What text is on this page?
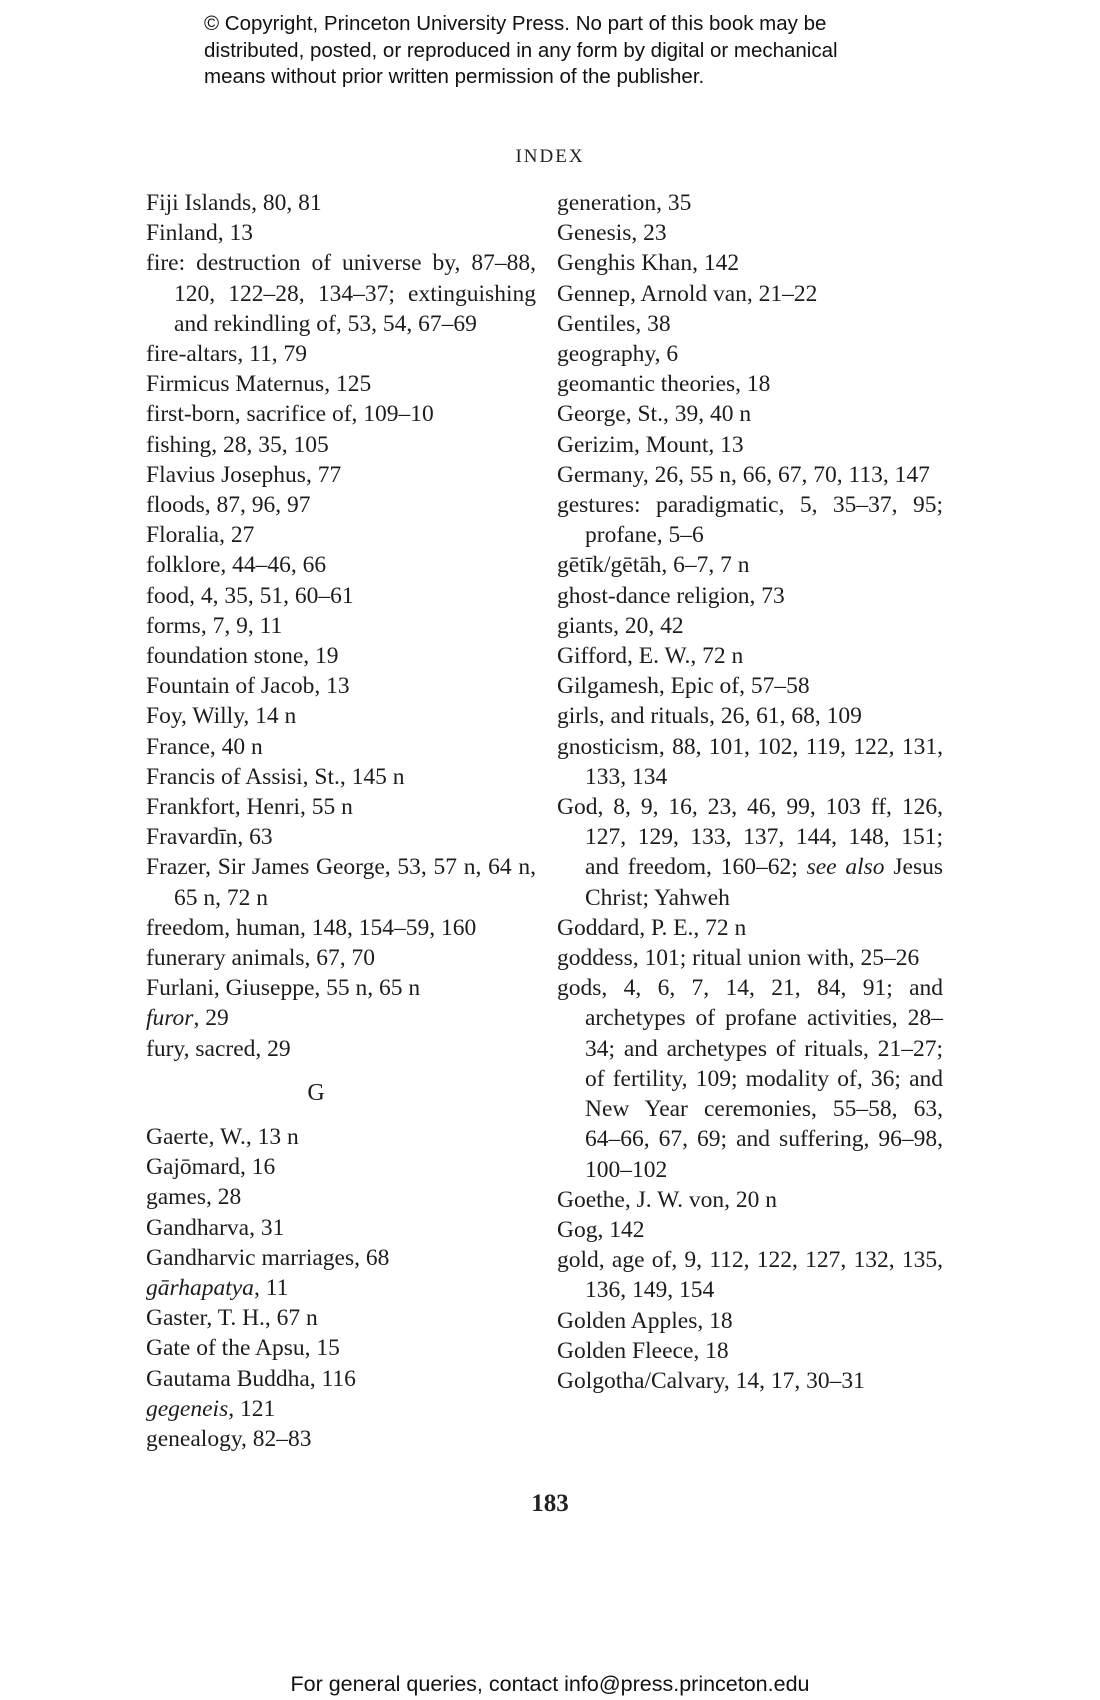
© Copyright, Princeton University Press. No part of this book may be
distributed, posted, or reproduced in any form by digital or mechanical
means without prior written permission of the publisher.
INDEX
Fiji Islands, 80, 81
Finland, 13
fire: destruction of universe by, 87–88, 120, 122–28, 134–37; extinguishing and rekindling of, 53, 54, 67–69
fire-altars, 11, 79
Firmicus Maternus, 125
first-born, sacrifice of, 109–10
fishing, 28, 35, 105
Flavius Josephus, 77
floods, 87, 96, 97
Floralia, 27
folklore, 44–46, 66
food, 4, 35, 51, 60–61
forms, 7, 9, 11
foundation stone, 19
Fountain of Jacob, 13
Foy, Willy, 14 n
France, 40 n
Francis of Assisi, St., 145 n
Frankfort, Henri, 55 n
Fravardīn, 63
Frazer, Sir James George, 53, 57 n, 64 n, 65 n, 72 n
freedom, human, 148, 154–59, 160
funerary animals, 67, 70
Furlani, Giuseppe, 55 n, 65 n
furor, 29
fury, sacred, 29
G
Gaerte, W., 13 n
Gajōmard, 16
games, 28
Gandharva, 31
Gandharvic marriages, 68
gārhapatya, 11
Gaster, T. H., 67 n
Gate of the Apsu, 15
Gautama Buddha, 116
gegeneis, 121
genealogy, 82–83
generation, 35
Genesis, 23
Genghis Khan, 142
Gennep, Arnold van, 21–22
Gentiles, 38
geography, 6
geomantic theories, 18
George, St., 39, 40 n
Gerizim, Mount, 13
Germany, 26, 55 n, 66, 67, 70, 113, 147
gestures: paradigmatic, 5, 35–37, 95; profane, 5–6
gētīk/gētāh, 6–7, 7 n
ghost-dance religion, 73
giants, 20, 42
Gifford, E. W., 72 n
Gilgamesh, Epic of, 57–58
girls, and rituals, 26, 61, 68, 109
gnosticism, 88, 101, 102, 119, 122, 131, 133, 134
God, 8, 9, 16, 23, 46, 99, 103 ff, 126, 127, 129, 133, 137, 144, 148, 151; and freedom, 160–62; see also Jesus Christ; Yahweh
Goddard, P. E., 72 n
goddess, 101; ritual union with, 25–26
gods, 4, 6, 7, 14, 21, 84, 91; and archetypes of profane activities, 28–34; and archetypes of rituals, 21–27; of fertility, 109; modality of, 36; and New Year ceremonies, 55–58, 63, 64–66, 67, 69; and suffering, 96–98, 100–102
Goethe, J. W. von, 20 n
Gog, 142
gold, age of, 9, 112, 122, 127, 132, 135, 136, 149, 154
Golden Apples, 18
Golden Fleece, 18
Golgotha/Calvary, 14, 17, 30–31
183
For general queries, contact info@press.princeton.edu
